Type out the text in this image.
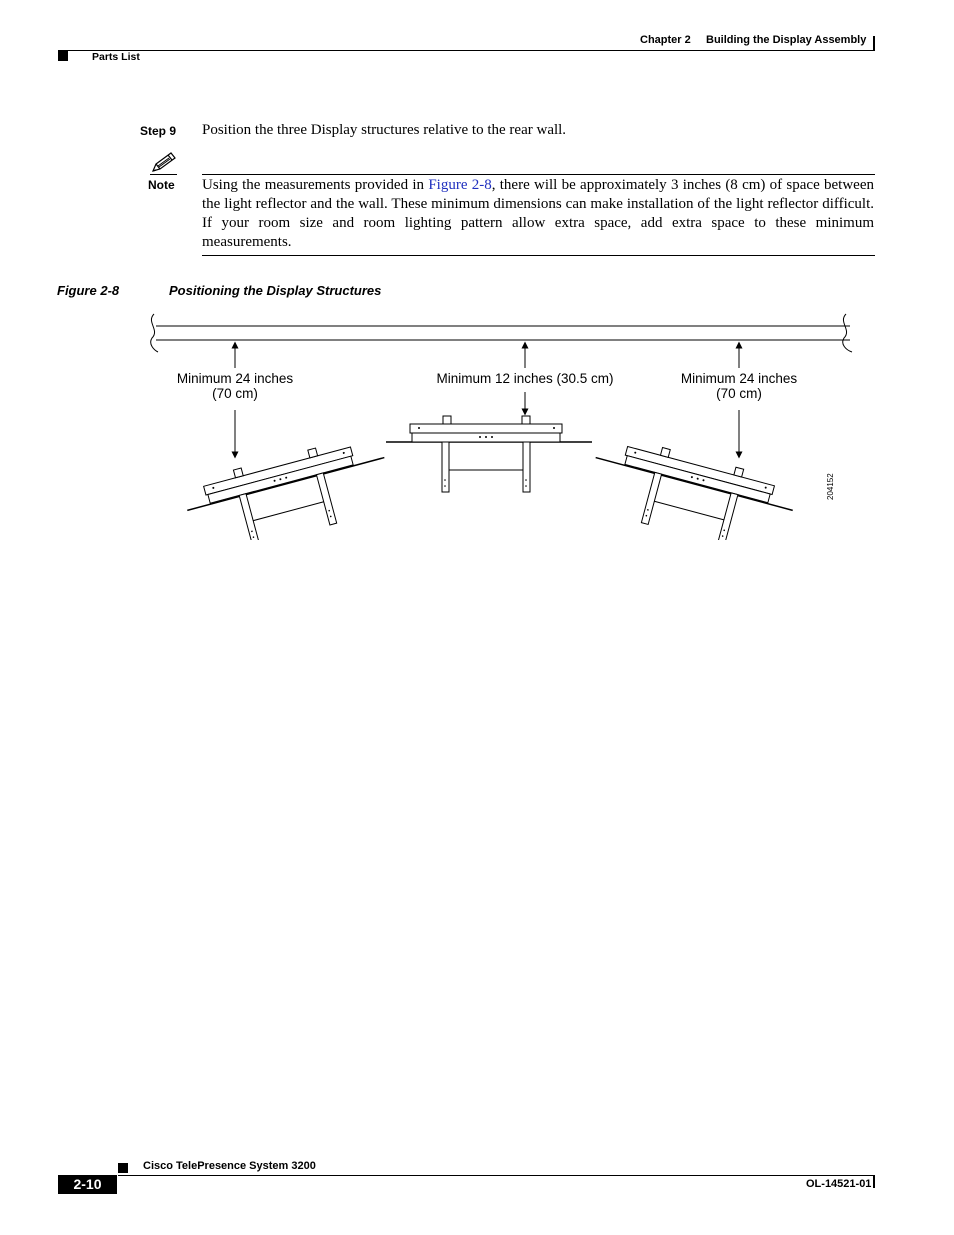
Chapter 2 Building the Display Assembly
Parts List
Step 9 Position the three Display structures relative to the rear wall.
Note Using the measurements provided in Figure 2-8, there will be approximately 3 inches (8 cm) of space between the light reflector and the wall. These minimum dimensions can make installation of the light reflector difficult. If your room size and room lighting pattern allow extra space, add extra space to these minimum measurements.
Figure 2-8	Positioning the Display Structures
Minimum 24 inches
(70 cm)
Minimum 12 inches (30.5 cm)	Minimum 24 inches
(70 cm)
204152
Cisco TelePresence System 3200
2-10	OL-14521-01
